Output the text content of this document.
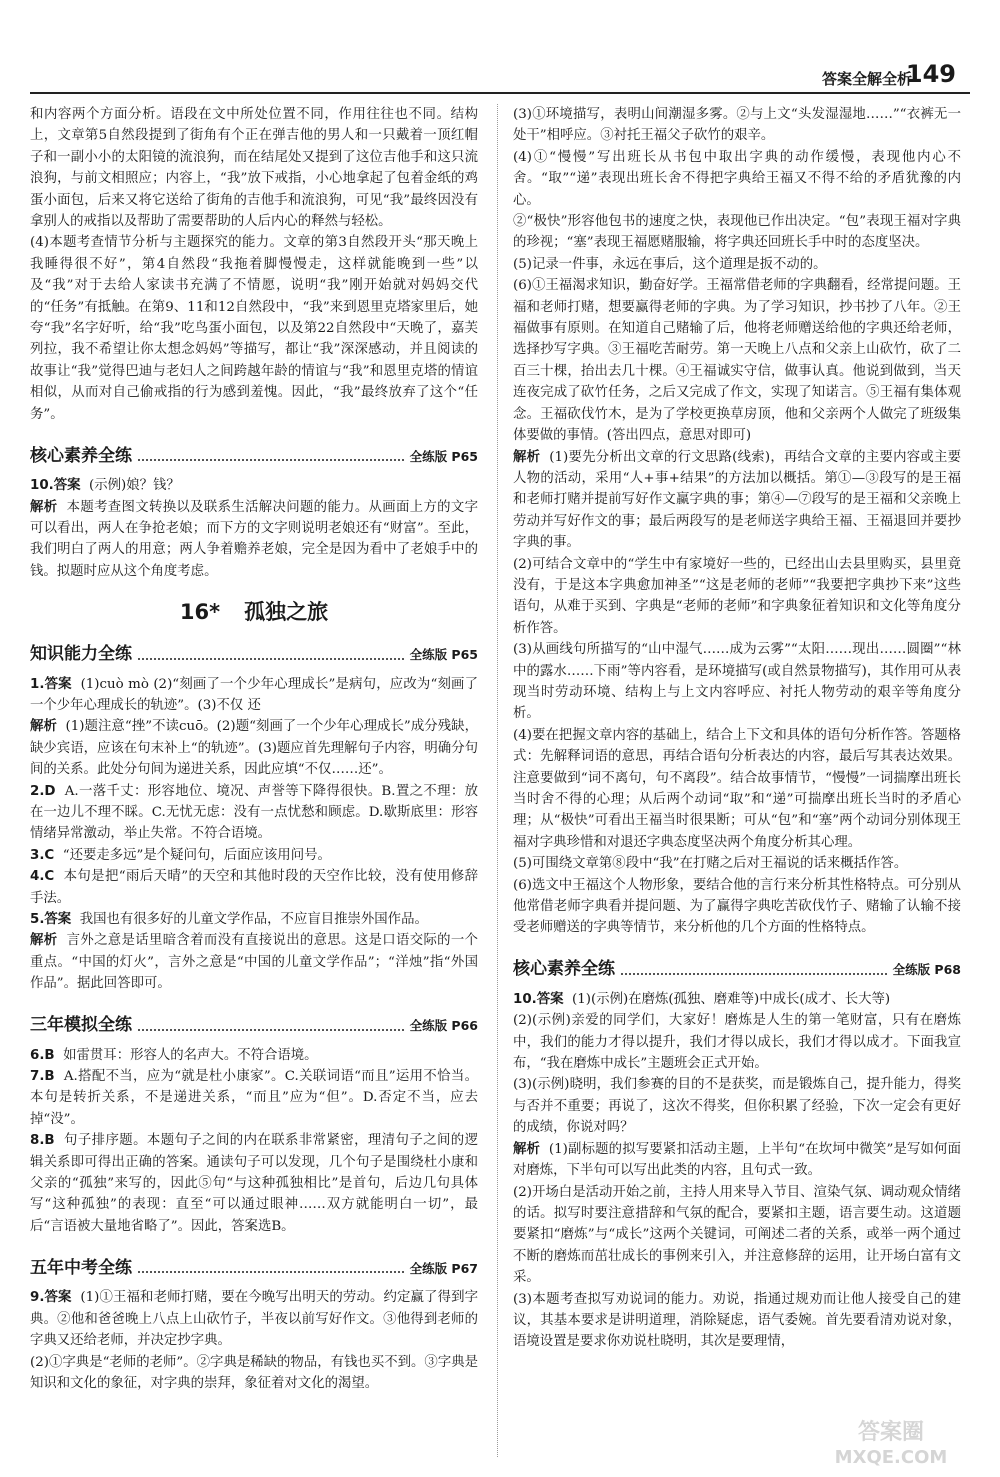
答案全解全析
149

和内容两个方面分析。语段在文中所处位置不同，作用往往也不同。结构上，文章第5自然段提到了街角有个正在弹吉他的男人和一只戴着一顶红帽子和一副小小的太阳镜的流浪狗，而在结尾处又提到了这位吉他手和这只流浪狗，与前文相照应；内容上，“我”放下戒指，小心地拿起了包着金纸的鸡蛋小面包，后来又将它送给了街角的吉他手和流浪狗，可见“我”最终因没有拿别人的戒指以及帮助了需要帮助的人后内心的释然与轻松。

(4)本题考查情节分析与主题探究的能力。文章的第3自然段开头“那天晚上我睡得很不好”，第4自然段“我拖着脚慢慢走，这样就能晚到一些”以及“我”对于去给人家读书充满了不情愿，说明“我”刚开始就对妈妈交代的“任务”有抵触。在第9、11和12自然段中，“我”来到恩里克塔家里后，她夸“我”名字好听，给“我”吃鸟蛋小面包，以及第22自然段中“天晚了，嘉芙列拉，我不希望让你太想念妈妈”等描写，都让“我”深深感动，并且阅读的故事让“我”觉得巴迪与老妇人之间跨越年龄的情谊与“我”和恩里克塔的情谊相似，从而对自己偷戒指的行为感到羞愧。因此，“我”最终放弃了这个“任务”。

核心素养全练	全练版 P65

10.答案 (示例)娘？钱？

解析 本题考查图文转换以及联系生活解决问题的能力。从画面上方的文字可以看出，两人在争抢老娘；而下方的文字则说明老娘还有“财富”。至此，我们明白了两人的用意；两人争着赡养老娘，完全是因为看中了老娘手中的钱。拟题时应从这个角度考虑。

16* 孤独之旅
知识能力全练	全练版 P65

1.答案 (1)cuò mò (2)“刻画了一个少年心理成长”是病句，应改为“刻画了一个少年心理成长的轨迹”。(3)不仅 还

解析 (1)题注意“挫”不读cuō。(2)题“刻画了一个少年心理成长”成分残缺，缺少宾语，应该在句末补上“的轨迹”。(3)题应首先理解句子内容，明确分句间的关系。此处分句间为递进关系，因此应填“不仅……还”。

2.D A.一落千丈：形容地位、境况、声誉等下降得很快。B.置之不理：放在一边儿不理不睬。C.无忧无虑：没有一点忧愁和顾虑。D.歇斯底里：形容情绪异常激动，举止失常。不符合语境。

3.C “还要走多远”是个疑问句，后面应该用问号。

4.C 本句是把“雨后天晴”的天空和其他时段的天空作比较，没有使用修辞手法。

5.答案 我国也有很多好的儿童文学作品，不应盲目推崇外国作品。

解析 言外之意是话里暗含着而没有直接说出的意思。这是口语交际的一个重点。“中国的灯火”，言外之意是“中国的儿童文学作品”；“洋烛”指“外国作品”。据此回答即可。

三年模拟全练	全练版 P66

6.B 如雷贯耳：形容人的名声大。不符合语境。

7.B A.搭配不当，应为“就是杜小康家”。C.关联词语“而且”运用不恰当。本句是转折关系，不是递进关系，“而且”应为“但”。D.否定不当，应去掉“没”。

8.B 句子排序题。本题句子之间的内在联系非常紧密，理清句子之间的逻辑关系即可得出正确的答案。通读句子可以发现，几个句子是围绕杜小康和父亲的“孤独”来写的，因此⑤句“与这种孤独相比”是首句，后边几句具体写“这种孤独”的表现：直至“可以通过眼神……双方就能明白一切”，最后“言语被大量地省略了”。因此，答案选B。

五年中考全练	全练版 P67

9.答案 (1)①王福和老师打赌，要在今晚写出明天的劳动。约定赢了得到字典。②他和爸爸晚上八点上山砍竹子，半夜以前写好作文。③他得到老师的字典又还给老师，并决定抄字典。

(2)①字典是“老师的老师”。②字典是稀缺的物品，有钱也买不到。③字典是知识和文化的象征，对字典的崇拜，象征着对文化的渴望。

(3)①环境描写，表明山间潮湿多雾。②与上文“头发湿湿地……”“衣裤无一处干”相呼应。③衬托王福父子砍竹的艰辛。

(4)①“慢慢”写出班长从书包中取出字典的动作缓慢，表现他内心不舍。“取”“递”表现出班长舍不得把字典给王福又不得不给的矛盾犹豫的内心。

②“极快”形容他包书的速度之快，表现他已作出决定。“包”表现王福对字典的珍视；“塞”表现王福愿赌服输，将字典还回班长手中时的态度坚决。

(5)记录一件事，永远在事后，这个道理是扳不动的。

(6)①王福渴求知识，勤奋好学。王福常借老师的字典翻看，经常提问题。王福和老师打赌，想要赢得老师的字典。为了学习知识，抄书抄了八年。②王福做事有原则。在知道自己赌输了后，他将老师赠送给他的字典还给老师，选择抄写字典。③王福吃苦耐劳。第一天晚上八点和父亲上山砍竹，砍了二百三十棵，抬出去几十棵。④王福诚实守信，做事认真。他说到做到，当天连夜完成了砍竹任务，之后又完成了作文，实现了知诺言。⑤王福有集体观念。王福砍伐竹木，是为了学校更换草房顶，他和父亲两个人做完了班级集体要做的事情。(答出四点，意思对即可)

解析 (1)要先分析出文章的行文思路(线索)，再结合文章的主要内容或主要人物的活动，采用“人+事+结果”的方法加以概括。第①—③段写的是王福和老师打赌并提前写好作文赢字典的事；第④—⑦段写的是王福和父亲晚上劳动并写好作文的事；最后两段写的是老师送字典给王福、王福退回并要抄字典的事。

(2)可结合文章中的“学生中有家境好一些的，已经出山去县里购买，县里竟没有，于是这本字典愈加神圣”“这是老师的老师”“我要把字典抄下来”这些语句，从难于买到、字典是“老师的老师”和字典象征着知识和文化等角度分析作答。

(3)从画线句所描写的“山中湿气……成为云雾”“太阳……现出……圆圈”“林中的露水……下雨”等内容看，是环境描写(或自然景物描写)，其作用可从表现当时劳动环境、结构上与上文内容呼应、衬托人物劳动的艰辛等角度分析。

(4)要在把握文章内容的基础上，结合上下文和具体的语句分析作答。答题格式：先解释词语的意思，再结合语句分析表达的内容，最后写其表达效果。注意要做到“词不离句，句不离段”。结合故事情节，“慢慢”一词揣摩出班长当时舍不得的心理；从后两个动词“取”和“递”可揣摩出班长当时的矛盾心理；从“极快”可看出王福当时很果断；可从“包”和“塞”两个动词分别体现王福对字典珍惜和对退还字典态度坚决两个角度分析其心理。

(5)可围绕文章第⑧段中“我”在打赌之后对王福说的话来概括作答。

(6)选文中王福这个人物形象，要结合他的言行来分析其性格特点。可分别从他常借老师字典看并提问题、为了赢得字典吃苦砍伐竹子、赌输了认输不接受老师赠送的字典等情节，来分析他的几个方面的性格特点。

核心素养全练	全练版 P68

10.答案 (1)(示例)在磨炼(孤独、磨难等)中成长(成才、长大等)

(2)(示例)亲爱的同学们，大家好！磨炼是人生的第一笔财富，只有在磨炼中，我们的能力才得以提升，我们才得以成长，我们才得以成才。下面我宣布，“我在磨炼中成长”主题班会正式开始。

(3)(示例)晓明，我们参赛的目的不是获奖，而是锻炼自己，提升能力，得奖与否并不重要；再说了，这次不得奖，但你积累了经验，下次一定会有更好的成绩，你说对吗？

解析 (1)副标题的拟写要紧扣活动主题，上半句“在坎坷中微笑”是写如何面对磨炼，下半句可以写出此类的内容，且句式一致。

(2)开场白是活动开始之前，主持人用来导入节目、渲染气氛、调动观众情绪的话。拟写时要注意措辞和气氛的配合，要紧扣主题，语言要生动。这道题要紧扣“磨炼”与“成长”这两个关键词，可阐述二者的关系，或举一两个通过不断的磨炼而茁壮成长的事例来引入，并注意修辞的运用，让开场白富有文采。

(3)本题考查拟写劝说词的能力。劝说，指通过规劝而让他人接受自己的建议，其基本要求是讲明道理，消除疑虑，语气委婉。首先要看清劝说对象，语境设置是要求你劝说杜晓明，其次是要理情，

答案圈
MXQE.COM
